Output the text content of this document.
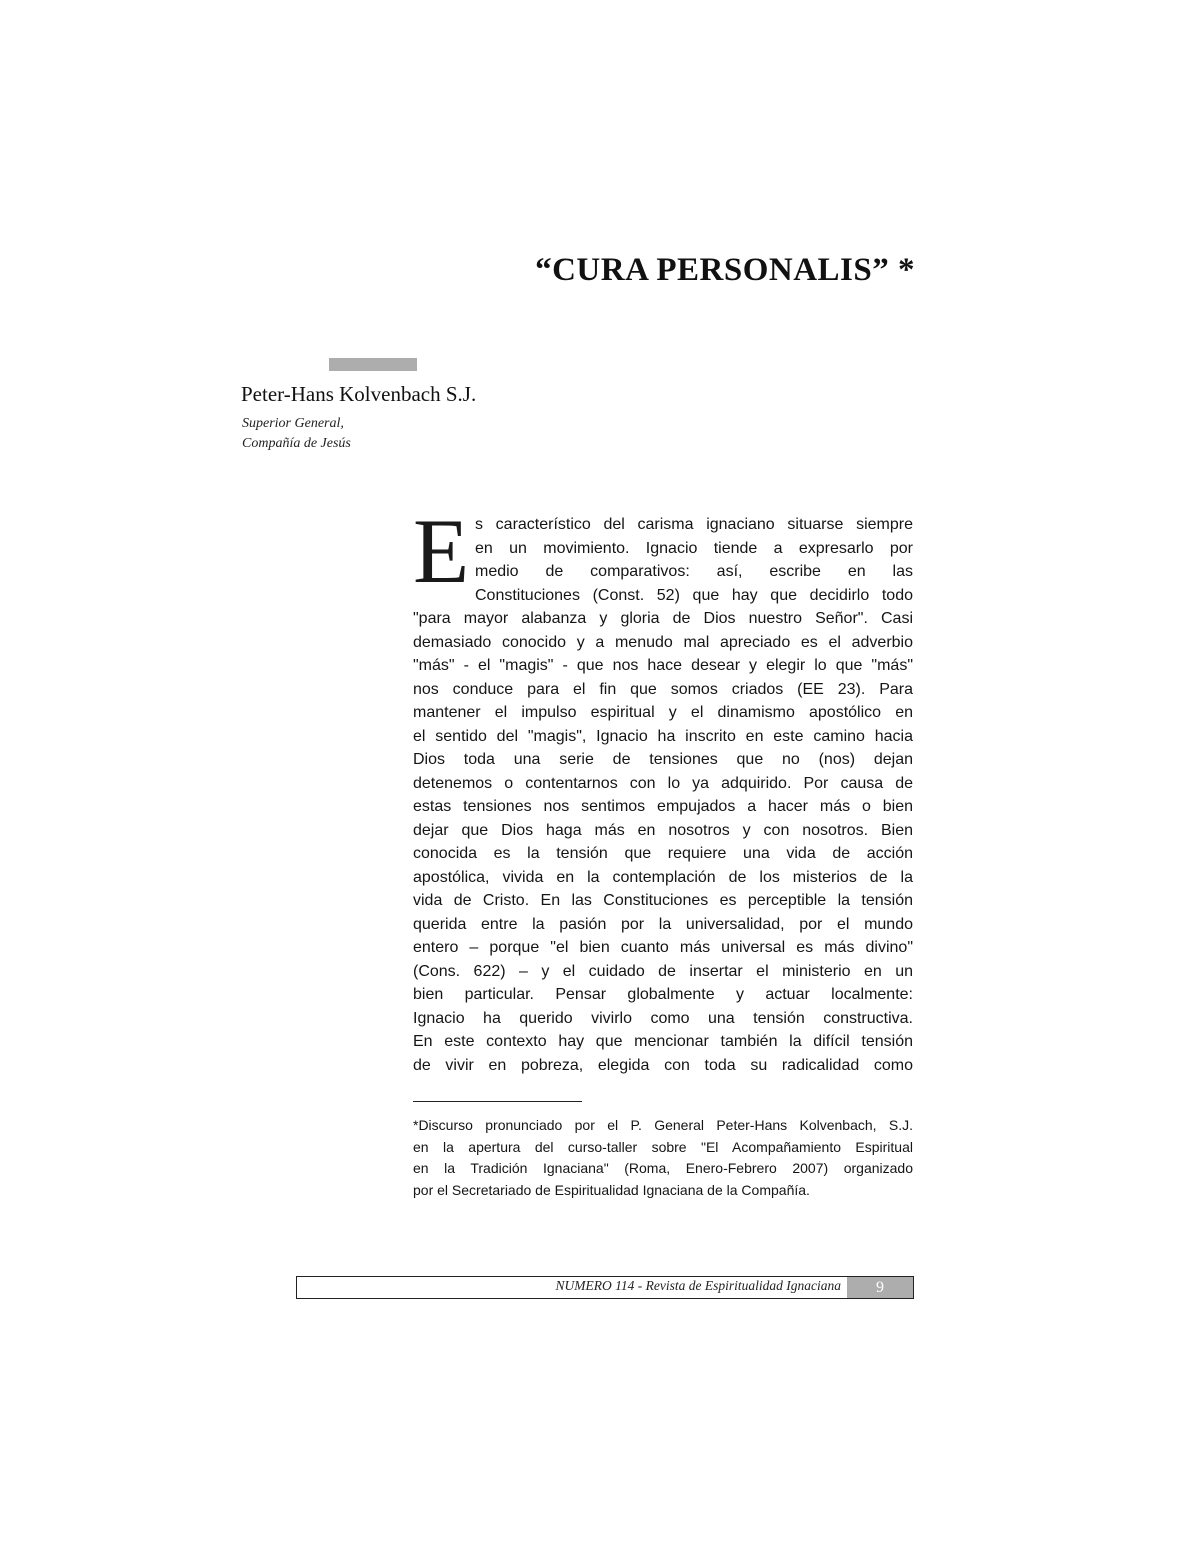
“CURA PERSONALIS” *
Peter-Hans Kolvenbach S.J.
Superior General,
Compañía de Jesús
E s característico del carisma ignaciano situarse siempre
en un movimiento. Ignacio tiende a expresarlo por
medio de comparativos: así, escribe en las
Constituciones (Const. 52) que hay que decidirlo todo
"para mayor alabanza y gloria de Dios nuestro Señor". Casi
demasiado conocido y a menudo mal apreciado es el adverbio
"más" - el "magis" - que nos hace desear y elegir lo que "más"
nos conduce para el fin que somos criados (EE 23). Para
mantener el impulso espiritual y el dinamismo apostólico en
el sentido del "magis", Ignacio ha inscrito en este camino hacia
Dios toda una serie de tensiones que no (nos) dejan
detenemos o contentarnos con lo ya adquirido. Por causa de
estas tensiones nos sentimos empujados a hacer más o bien
dejar que Dios haga más en nosotros y con nosotros. Bien
conocida es la tensión que requiere una vida de acción
apostólica, vivida en la contemplación de los misterios de la
vida de Cristo. En las Constituciones es perceptible la tensión
querida entre la pasión por la universalidad, por el mundo
entero – porque "el bien cuanto más universal es más divino"
(Cons. 622) – y el cuidado de insertar el ministerio en un
bien particular. Pensar globalmente y actuar localmente:
Ignacio ha querido vivirlo como una tensión constructiva.
En este contexto hay que mencionar también la difícil tensión
de vivir en pobreza, elegida con toda su radicalidad como
*Discurso pronunciado por el P. General Peter-Hans Kolvenbach, S.J.
en la apertura del curso-taller sobre "El Acompañamiento Espiritual
en la Tradición Ignaciana" (Roma, Enero-Febrero 2007) organizado
por el Secretariado de Espiritualidad Ignaciana de la Compañía.
NUMERO 114 - Revista de Espiritualidad Ignaciana	9
